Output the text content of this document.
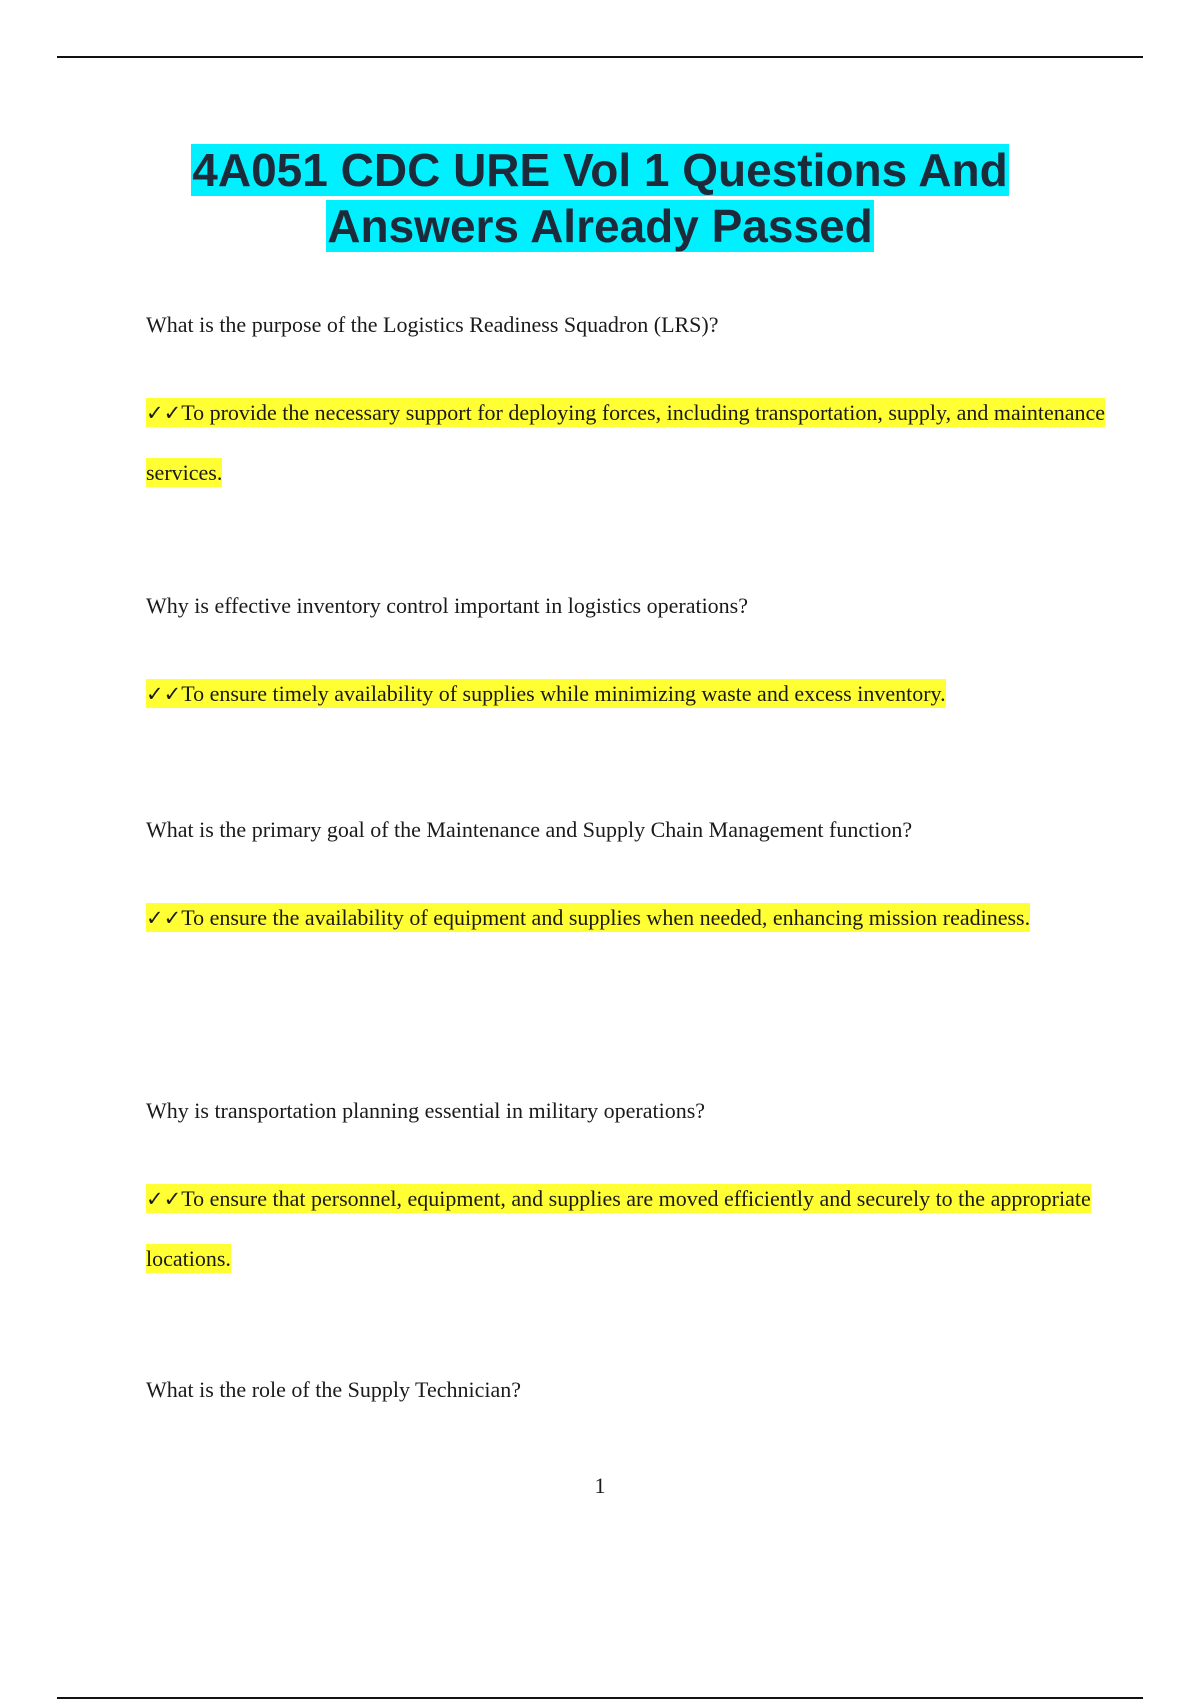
4A051 CDC URE Vol 1 Questions And
Answers Already Passed

What is the purpose of the Logistics Readiness Squadron (LRS)?

✓✓To provide the necessary support for deploying forces, including transportation, supply, and maintenance services.

Why is effective inventory control important in logistics operations?

✓✓To ensure timely availability of supplies while minimizing waste and excess inventory.

What is the primary goal of the Maintenance and Supply Chain Management function?

✓✓To ensure the availability of equipment and supplies when needed, enhancing mission readiness.

Why is transportation planning essential in military operations?

✓✓To ensure that personnel, equipment, and supplies are moved efficiently and securely to the appropriate locations.

What is the role of the Supply Technician?

1
